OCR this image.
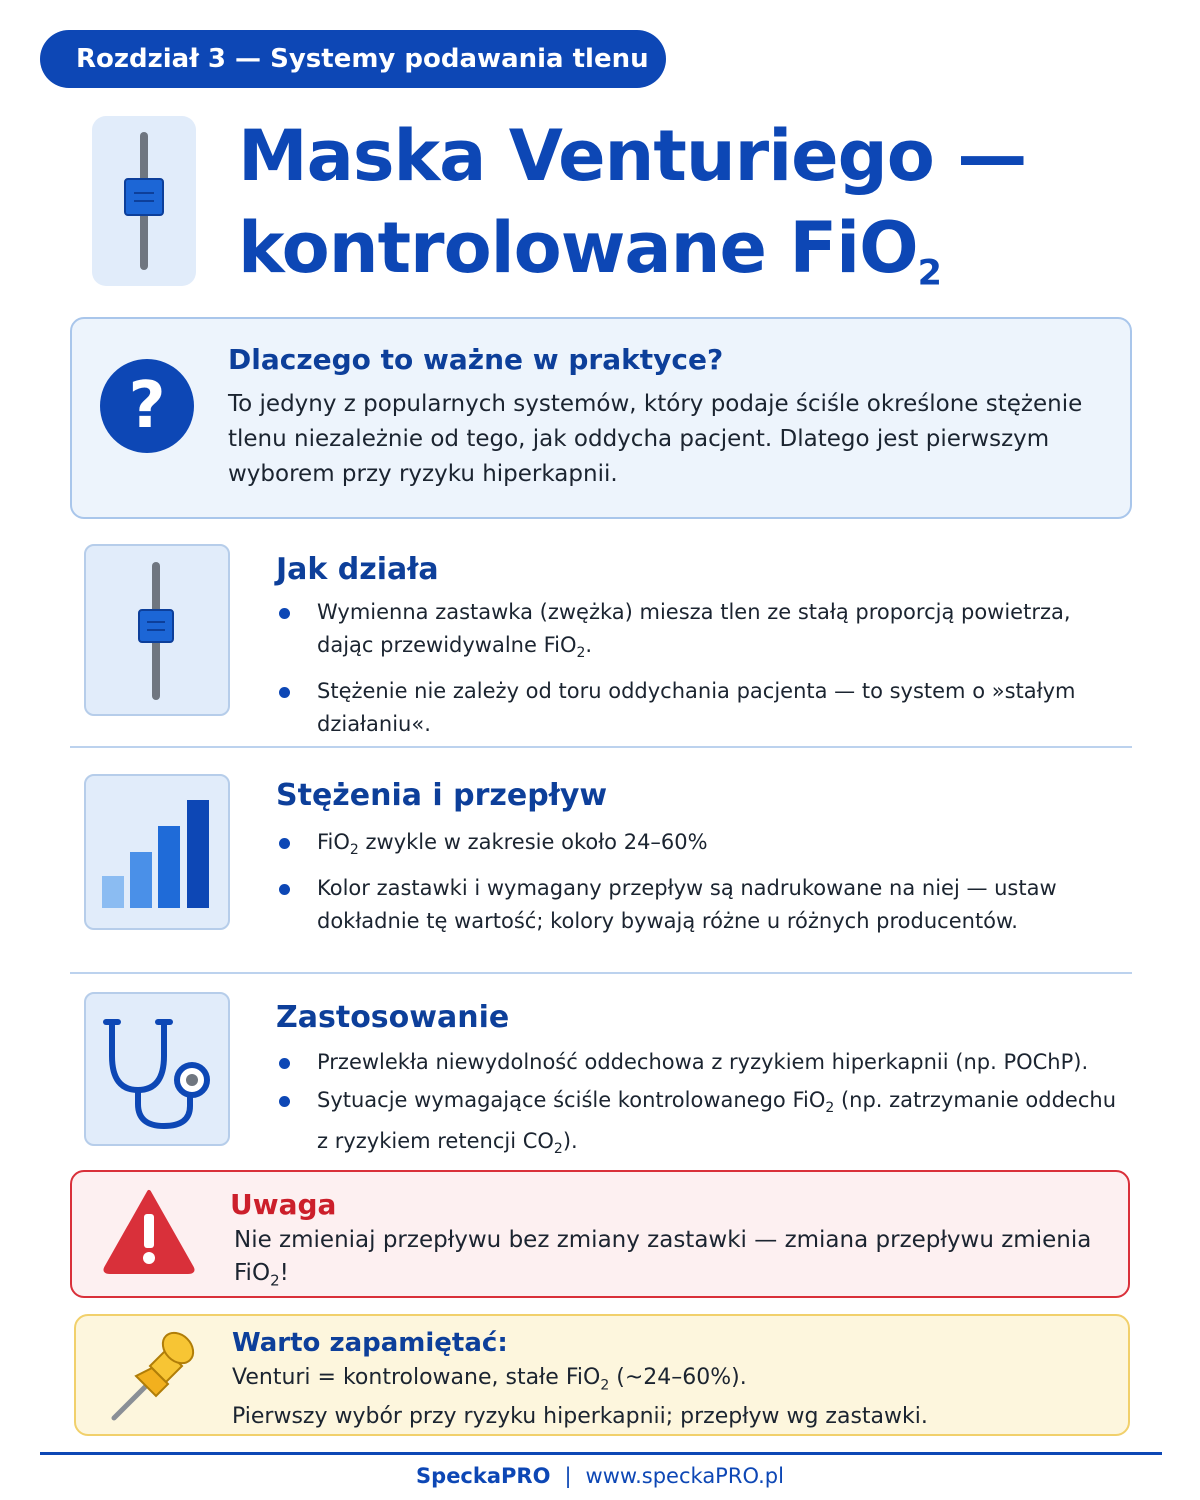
Rozdział 3 — Systemy podawania tlenu
Maska Venturiego —
kontrolowane FiO$_2$
?
Dlaczego to ważne w praktyce?
To jedyny z popularnych systemów, który podaje ściśle określone stężenie tlenu niezależnie od tego, jak oddycha pacjent. Dlatego jest pierwszym wyborem przy ryzyku hiperkapnii.
Jak działa
Wymienna zastawka (zwężka) miesza tlen ze stałą proporcją powietrza, dając przewidywalne FiO$_2$.
Stężenie nie zależy od toru oddychania pacjenta — to system o »stałym działaniu«.
Stężenia i przepływ
FiO$_2$ zwykle w zakresie około 24–60%
Kolor zastawki i wymagany przepływ są nadrukowane na niej — ustaw dokładnie tę wartość; kolory bywają różne u różnych producentów.
Zastosowanie
Przewlekła niewydolność oddechowa z ryzykiem hiperkapnii (np. POChP).
Sytuacje wymagające ściśle kontrolowanego FiO$_2$ (np. zatrzymanie oddechu z ryzykiem retencji $CO_2$).
Uwaga
Nie zmieniaj przepływu bez zmiany zastawki — zmiana przepływu zmienia FiO$_2$!
Warto zapamiętać:
Venturi = kontrolowane, stałe FiO$_2$ (~24–60%).
Pierwszy wybór przy ryzyku hiperkapnii; przepływ wg zastawki.
SpeckaPRO | www.speckaPRO.pl
